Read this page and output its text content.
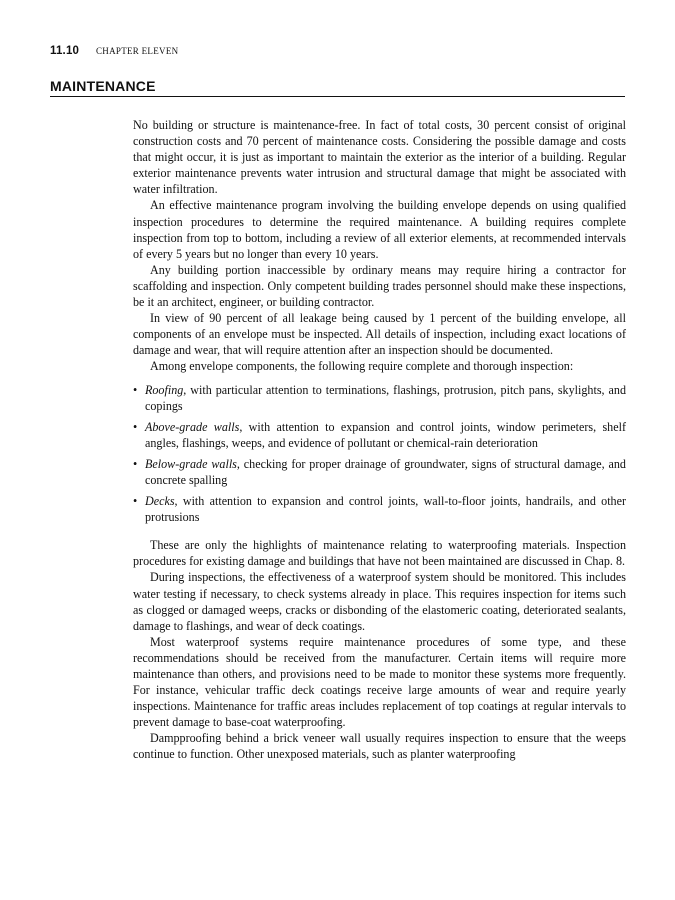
11.10 CHAPTER ELEVEN
MAINTENANCE

No building or structure is maintenance-free. In fact of total costs, 30 percent consist of original construction costs and 70 percent of maintenance costs. Considering the possible damage and costs that might occur, it is just as important to maintain the exterior as the interior of a building. Regular exterior maintenance prevents water intrusion and structural damage that might be associated with water infiltration.

An effective maintenance program involving the building envelope depends on using qualified inspection procedures to determine the required maintenance. A building requires complete inspection from top to bottom, including a review of all exterior elements, at recommended intervals of every 5 years but no longer than every 10 years.

Any building portion inaccessible by ordinary means may require hiring a contractor for scaffolding and inspection. Only competent building trades personnel should make these inspections, be it an architect, engineer, or building contractor.

In view of 90 percent of all leakage being caused by 1 percent of the building envelope, all components of an envelope must be inspected. All details of inspection, including exact locations of damage and wear, that will require attention after an inspection should be documented.

Among envelope components, the following require complete and thorough inspection:

• Roofing, with particular attention to terminations, flashings, protrusion, pitch pans, skylights, and copings
• Above-grade walls, with attention to expansion and control joints, window perimeters, shelf angles, flashings, weeps, and evidence of pollutant or chemical-rain deterioration
• Below-grade walls, checking for proper drainage of groundwater, signs of structural damage, and concrete spalling
• Decks, with attention to expansion and control joints, wall-to-floor joints, handrails, and other protrusions

These are only the highlights of maintenance relating to waterproofing materials. Inspection procedures for existing damage and buildings that have not been maintained are discussed in Chap. 8.

During inspections, the effectiveness of a waterproof system should be monitored. This includes water testing if necessary, to check systems already in place. This requires inspection for items such as clogged or damaged weeps, cracks or disbonding of the elastomeric coating, deteriorated sealants, damage to flashings, and wear of deck coatings.

Most waterproof systems require maintenance procedures of some type, and these recommendations should be received from the manufacturer. Certain items will require more maintenance than others, and provisions need to be made to monitor these systems more frequently. For instance, vehicular traffic deck coatings receive large amounts of wear and require yearly inspections. Maintenance for traffic areas includes replacement of top coatings at regular intervals to prevent damage to base-coat waterproofing.

Dampproofing behind a brick veneer wall usually requires inspection to ensure that the weeps continue to function. Other unexposed materials, such as planter waterproofing
